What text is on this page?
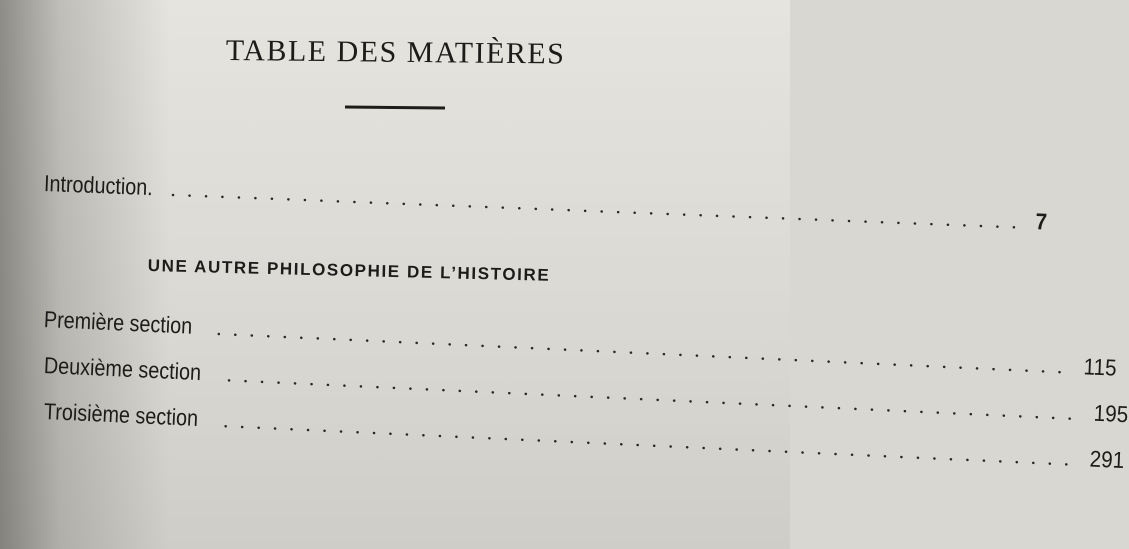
TABLE DES MATIÈRES
Introduction. .................................................... 7
UNE AUTRE PHILOSOPHIE DE L’HISTOIRE
Première section	.................................................... 115
Deuxième section	.................................................... 195
Troisième section	.................................................... 291
